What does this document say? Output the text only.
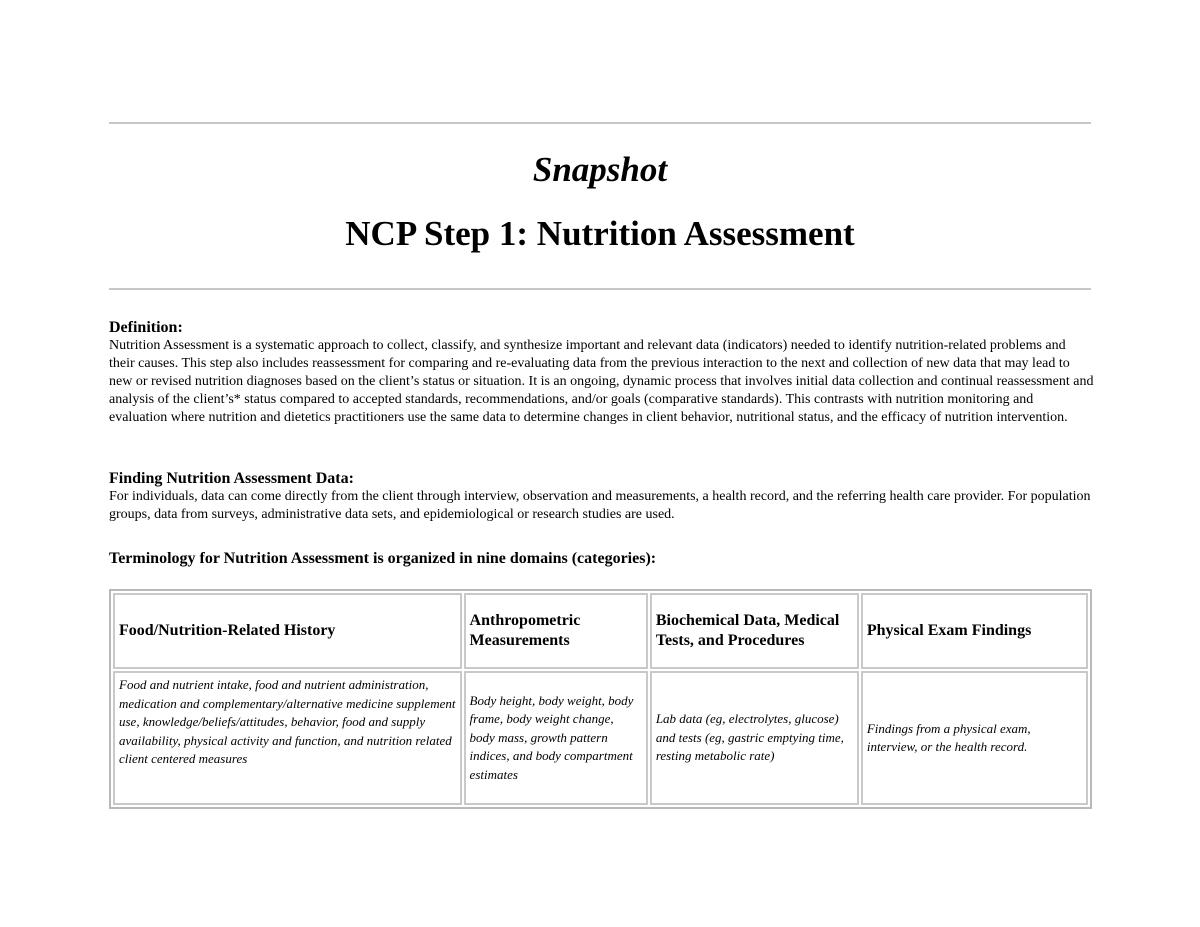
Snapshot
NCP Step 1: Nutrition Assessment

Definition:

Nutrition Assessment is a systematic approach to collect, classify, and synthesize important and relevant data (indicators) needed to identify nutrition-related problems and their causes. This step also includes reassessment for comparing and re-evaluating data from the previous interaction to the next and collection of new data that may lead to new or revised nutrition diagnoses based on the client’s status or situation. It is an ongoing, dynamic process that involves initial data collection and continual reassessment and analysis of the client’s* status compared to accepted standards, recommendations, and/or goals (comparative standards). This contrasts with nutrition monitoring and evaluation where nutrition and dietetics practitioners use the same data to determine changes in client behavior, nutritional status, and the efficacy of nutrition intervention.

Finding Nutrition Assessment Data:

For individuals, data can come directly from the client through interview, observation and measurements, a health record, and the referring health care provider. For population groups, data from surveys, administrative data sets, and epidemiological or research studies are used.

Terminology for Nutrition Assessment is organized in nine domains (categories):

Food/Nutrition-Related History	Anthropometric Measurements	Biochemical Data, Medical Tests, and Procedures	Physical Exam Findings
Food and nutrient intake, food and nutrient administration, medication and complementary/alternative medicine supplement use, knowledge/beliefs/attitudes, behavior, food and supply availability, physical activity and function, and nutrition related client centered measures	Body height, body weight, body frame, body weight change, body mass, growth pattern indices, and body compartment estimates	Lab data (eg, electrolytes, glucose) and tests (eg, gastric emptying time, resting metabolic rate)	Findings from a physical exam, interview, or the health record.
